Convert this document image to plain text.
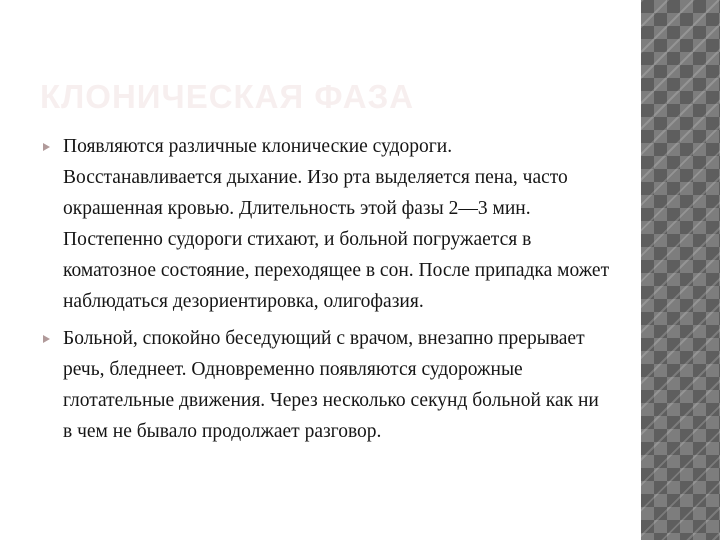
КЛОНИЧЕСКАЯ ФАЗА
Появляются различные клонические судороги. Восстанавливается дыхание. Изо рта выделяется пена, часто окрашенная кровью. Длительность этой фазы 2—3 мин. Постепенно судороги стихают, и больной погружается в коматозное состояние, переходящее в сон. После припадка может наблюдаться дезориентировка, олигофазия.
Больной, спокойно беседующий с врачом, внезапно прерывает речь, бледнеет. Одновременно появляются судорожные глотательные движения. Через несколько секунд больной как ни в чем не бывало продолжает разговор.
